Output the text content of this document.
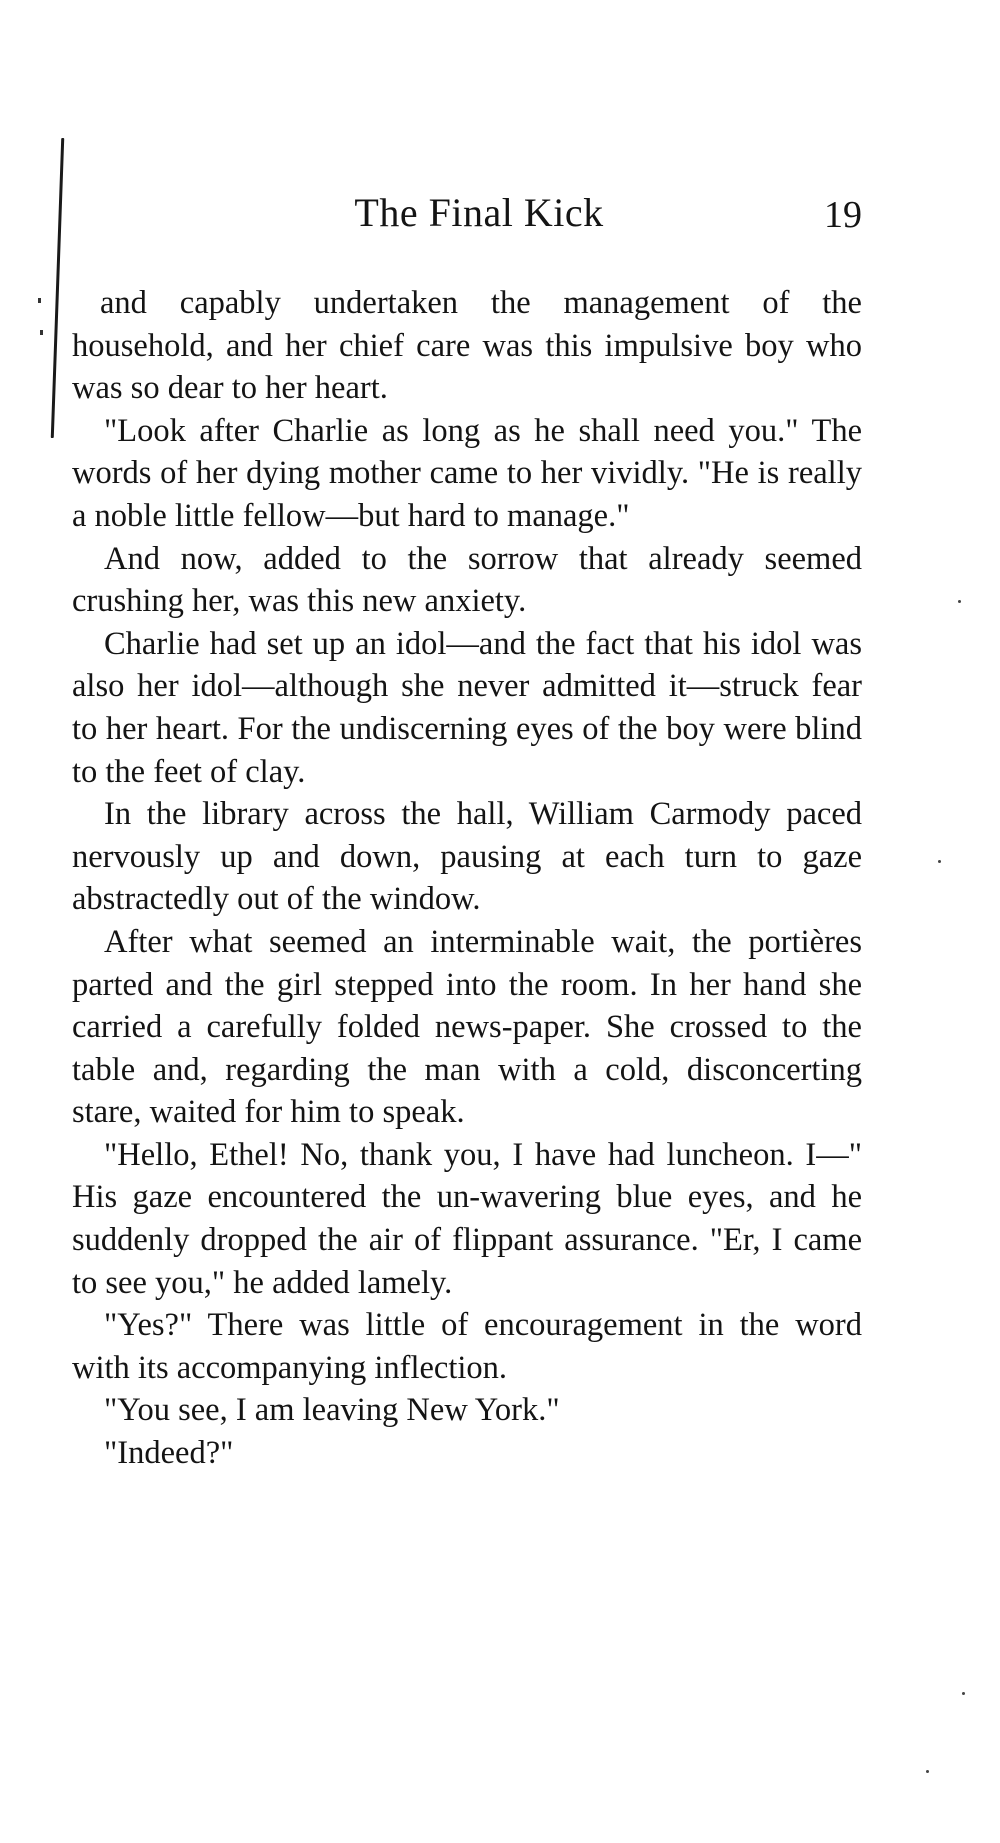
The Final Kick	19

and capably undertaken the management of the household, and her chief care was this impulsive boy who was so dear to her heart.

"Look after Charlie as long as he shall need you." The words of her dying mother came to her vividly. "He is really a noble little fellow—but hard to manage."

And now, added to the sorrow that already seemed crushing her, was this new anxiety.

Charlie had set up an idol—and the fact that his idol was also her idol—although she never admitted it—struck fear to her heart. For the undiscerning eyes of the boy were blind to the feet of clay.

In the library across the hall, William Carmody paced nervously up and down, pausing at each turn to gaze abstractedly out of the window.

After what seemed an interminable wait, the portières parted and the girl stepped into the room. In her hand she carried a carefully folded news-paper. She crossed to the table and, regarding the man with a cold, disconcerting stare, waited for him to speak.

"Hello, Ethel! No, thank you, I have had luncheon. I—" His gaze encountered the un-wavering blue eyes, and he suddenly dropped the air of flippant assurance. "Er, I came to see you," he added lamely.

"Yes?" There was little of encouragement in the word with its accompanying inflection.

"You see, I am leaving New York."

"Indeed?"
